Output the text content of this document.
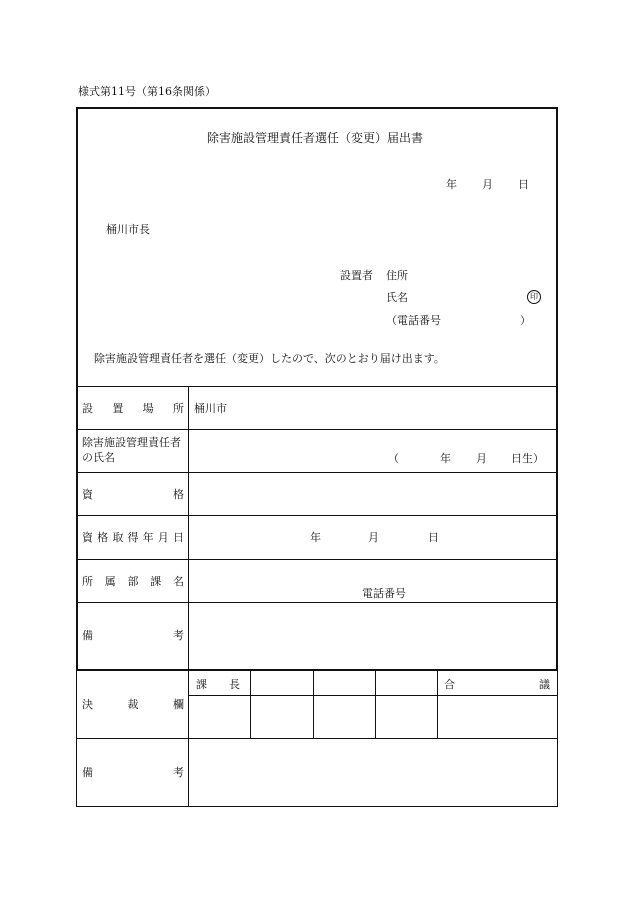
様式第11号（第16条関係）
除害施設管理責任者選任（変更）届出書
年 月 日
桶川市長
設置者 住所
氏名	印
（電話番号	）
除害施設管理責任者を選任（変更）したので、次のとおり届け出ます。
設 置 場 所 桶川市
除害施設管理責任者の氏名	（	年 月 日生）
資	格
資 格 取 得 年 月 日	年	月	日
所 属 部 課 名
電話番号
備	考
決	裁	欄
課 長	合	議
備	考
